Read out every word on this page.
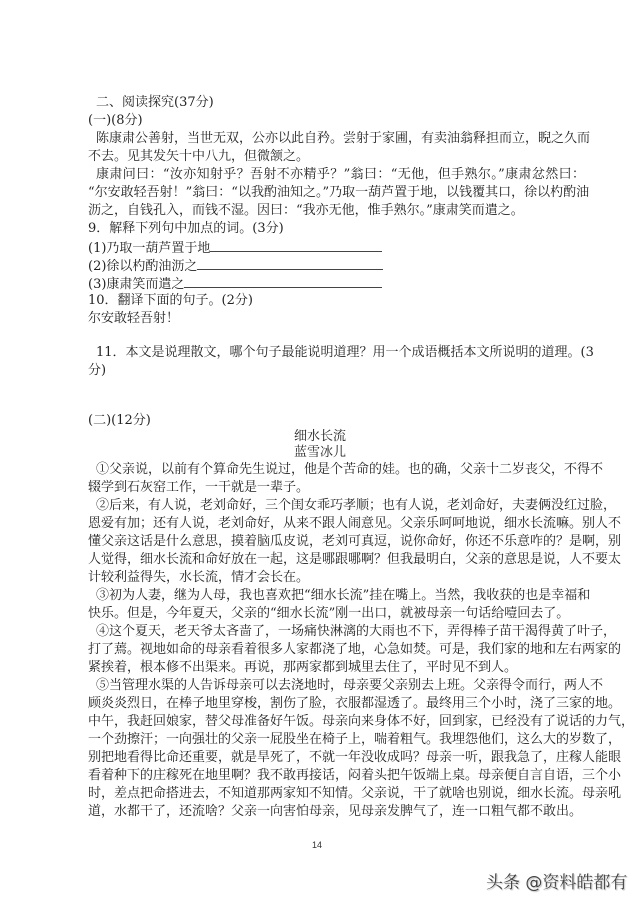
二、阅读探究(37分)
(一)(8分)
陈康肃公善射，当世无双，公亦以此自矜。尝射于家圃，有卖油翁释担而立，睨之久而
不去。见其发矢十中八九，但微颔之。
康肃问曰：“汝亦知射乎？吾射不亦精乎？”翁曰：“无他，但手熟尔。”康肃忿然曰：
“尔安敢轻吾射！”翁曰：“以我酌油知之。”乃取一葫芦置于地，以钱覆其口，徐以杓酌油
沥之，自钱孔入，而钱不湿。因曰：“我亦无他，惟手熟尔。”康肃笑而遣之。
9．解释下列句中加点的词。(3分)
(1)乃取一葫芦置于地
(2)徐以杓酌油沥之
(3)康肃笑而遣之
10．翻译下面的句子。(2分)
尔安敢轻吾射！
11．本文是说理散文，哪个句子最能说明道理？用一个成语概括本文所说明的道理。(3
分)
(二)(12分)
细水长流
蓝雪冰儿
①父亲说，以前有个算命先生说过，他是个苦命的娃。也的确，父亲十二岁丧父，不得不
辍学到石灰窑工作，一干就是一辈子。
②后来，有人说，老刘命好，三个闺女乖巧孝顺；也有人说，老刘命好，夫妻俩没红过脸，
恩爱有加；还有人说，老刘命好，从来不跟人闹意见。父亲乐呵呵地说，细水长流嘛。别人不
懂父亲这话是什么意思，摸着脑瓜皮说，老刘可真逗，说你命好，你还不乐意咋的？是啊，别
人觉得，细水长流和命好放在一起，这是哪跟哪啊？但我最明白，父亲的意思是说，人不要太
计较利益得失，水长流，情才会长在。
③初为人妻，继为人母，我也喜欢把“细水长流”挂在嘴上。当然，我收获的也是幸福和
快乐。但是，今年夏天，父亲的“细水长流”刚一出口，就被母亲一句话给噎回去了。
④这个夏天，老天爷太吝啬了，一场痛快淋漓的大雨也不下，弄得棒子苗干渴得黄了叶子，
打了蔫。视地如命的母亲看着很多人家都浇了地，心急如焚。可是，我们家的地和左右两家的
紧挨着，根本修不出渠来。再说，那两家都到城里去住了，平时见不到人。
⑤当管理水渠的人告诉母亲可以去浇地时，母亲要父亲别去上班。父亲得令而行，两人不
顾炎炎烈日，在棒子地里穿梭，割伤了脸，衣服都湿透了。最终用三个小时，浇了三家的地。
中午，我赶回娘家，替父母准备好午饭。母亲向来身体不好，回到家，已经没有了说话的力气，
一个劲擦汗；一向强壮的父亲一屁股坐在椅子上，喘着粗气。我埋怨他们，这么大的岁数了，
别把地看得比命还重要，就是旱死了，不就一年没收成吗？母亲一听，跟我急了，庄稼人能眼
看着种下的庄稼死在地里啊？我不敢再接话，闷着头把午饭端上桌。母亲便自言自语，三个小
时，差点把命搭进去，不知道那两家知不知情。父亲说，干了就啥也别说，细水长流。母亲吼
道，水都干了，还流啥？父亲一向害怕母亲，见母亲发脾气了，连一口粗气都不敢出。
14
头条 @资料皓都有
